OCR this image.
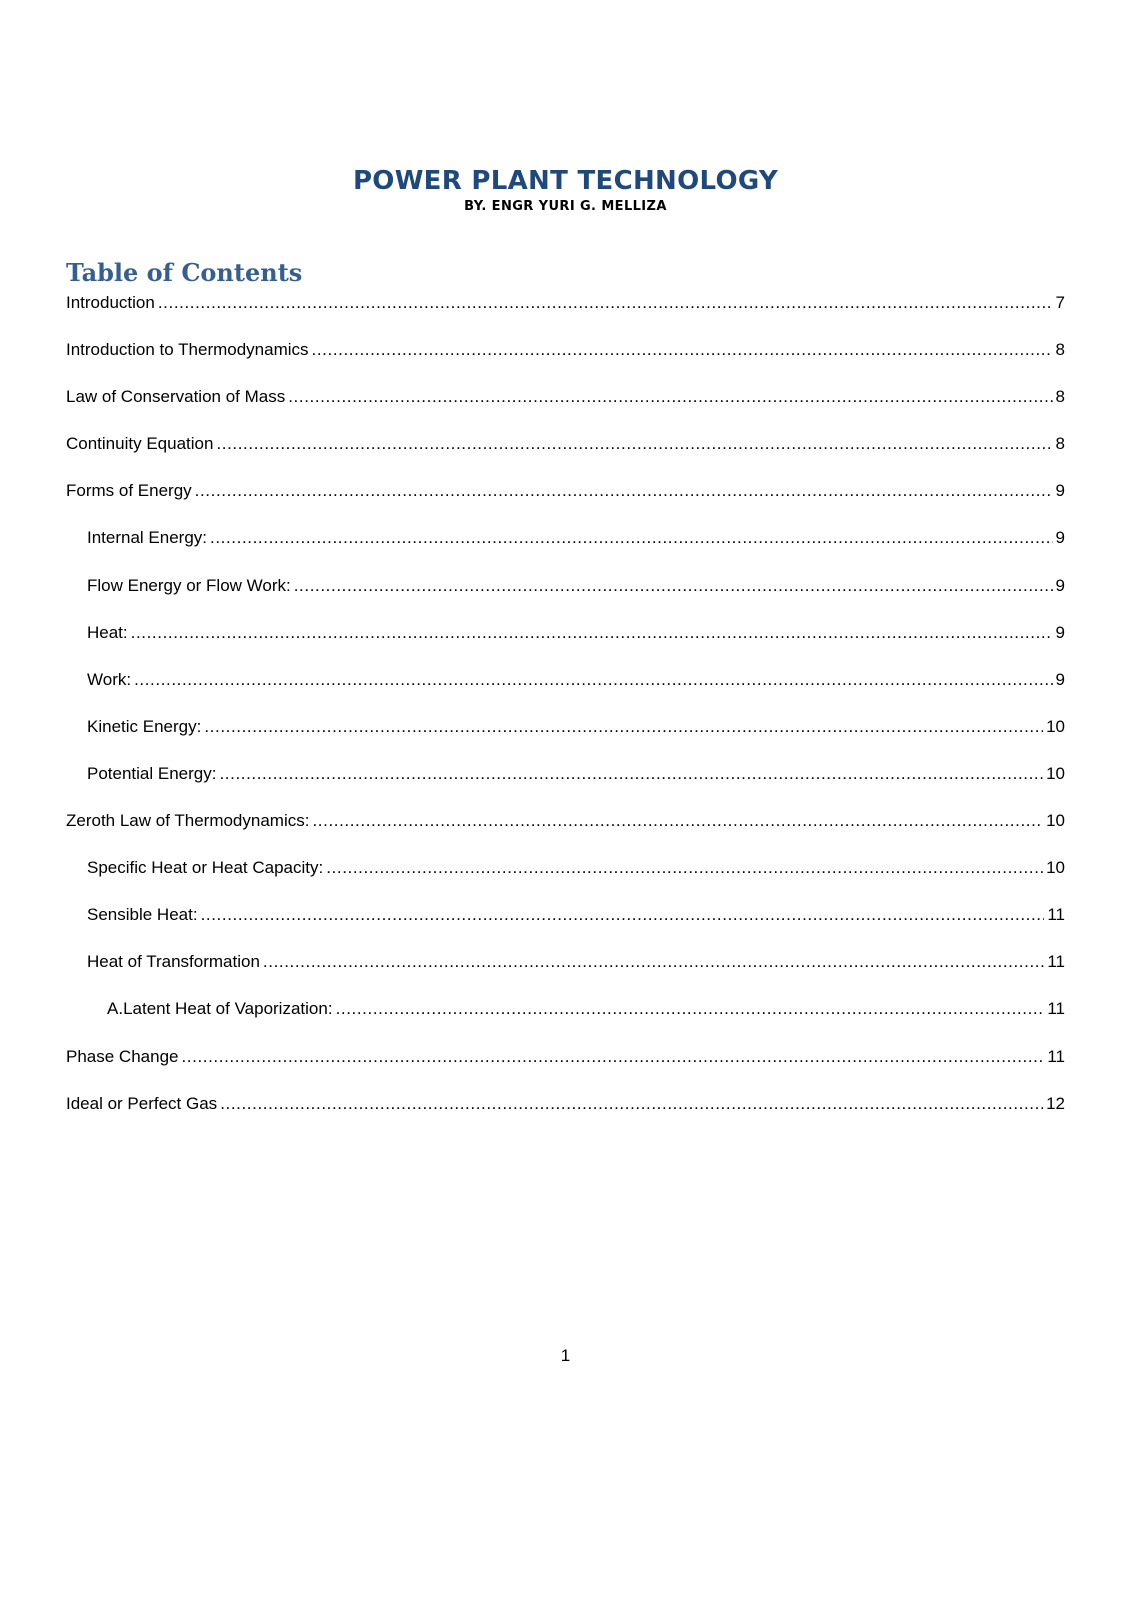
POWER PLANT TECHNOLOGY

BY. ENGR YURI G. MELLIZA

Table of Contents
Introduction .....	7
Introduction to Thermodynamics .....	8
Law of Conservation of Mass .....	8
Continuity Equation .....	8
Forms of Energy .....	9
Internal Energy: .....	9
Flow Energy or Flow Work: .....	9
Heat: .....	9
Work: .....	9
Kinetic Energy: .....	10
Potential Energy: .....	10
Zeroth Law of Thermodynamics: .....	10
Specific Heat or Heat Capacity: .....	10
Sensible Heat: .....	11
Heat of Transformation .....	11
A. Latent Heat of Vaporization: .....	11
Phase Change .....	11
Ideal or Perfect Gas .....	12

1
